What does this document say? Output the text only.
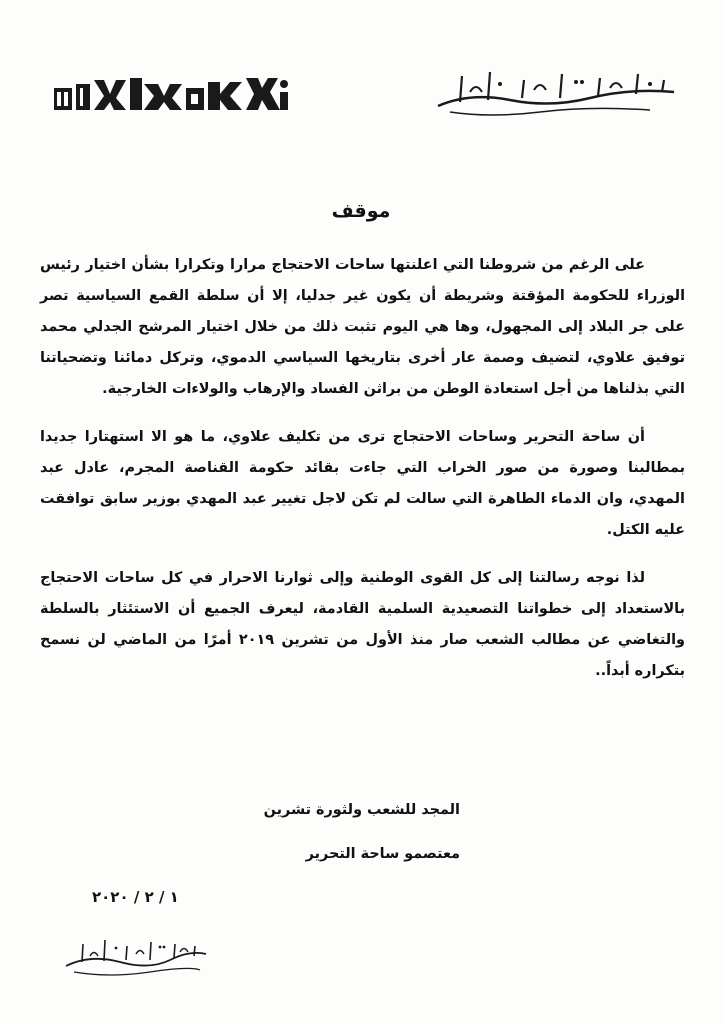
موقف

على الرغم من شروطنا التي اعلنتها ساحات الاحتجاج مرارا وتكرارا بشأن اختيار رئيس الوزراء للحكومة المؤقتة وشريطة أن يكون غير جدليا، إلا أن سلطة القمع السياسية تصر على جر البلاد إلى المجهول، وها هي اليوم تثبت ذلك من خلال اختيار المرشح الجدلي محمد توفيق علاوي، لتضيف وصمة عار أخرى بتاريخها السياسي الدموي، وتركل دمائنا وتضحياتنا التي بذلناها من أجل استعادة الوطن من براثن الفساد والإرهاب والولاءات الخارجية.

أن ساحة التحرير وساحات الاحتجاج ترى من تكليف علاوي، ما هو الا استهتارا جديدا بمطالبنا وصورة من صور الخراب التي جاءت بقائد حكومة القناصة المجرم، عادل عبد المهدي، وان الدماء الطاهرة التي سالت لم تكن لاجل تغيير عبد المهدي بوزير سابق توافقت عليه الكتل.

لذا نوجه رسالتنا إلى كل القوى الوطنية وإلى ثوارنا الاحرار في كل ساحات الاحتجاج بالاستعداد إلى خطواتنا التصعيدية السلمية القادمة، ليعرف الجميع أن الاستئثار بالسلطة والتغاضي عن مطالب الشعب صار منذ الأول من تشرين ٢٠١٩ أمرًا من الماضي لن نسمح بتكراره أبداً..

المجد للشعب ولثورة تشرين
معتصمو ساحة التحرير
١ / ٢ / ٢٠٢٠
